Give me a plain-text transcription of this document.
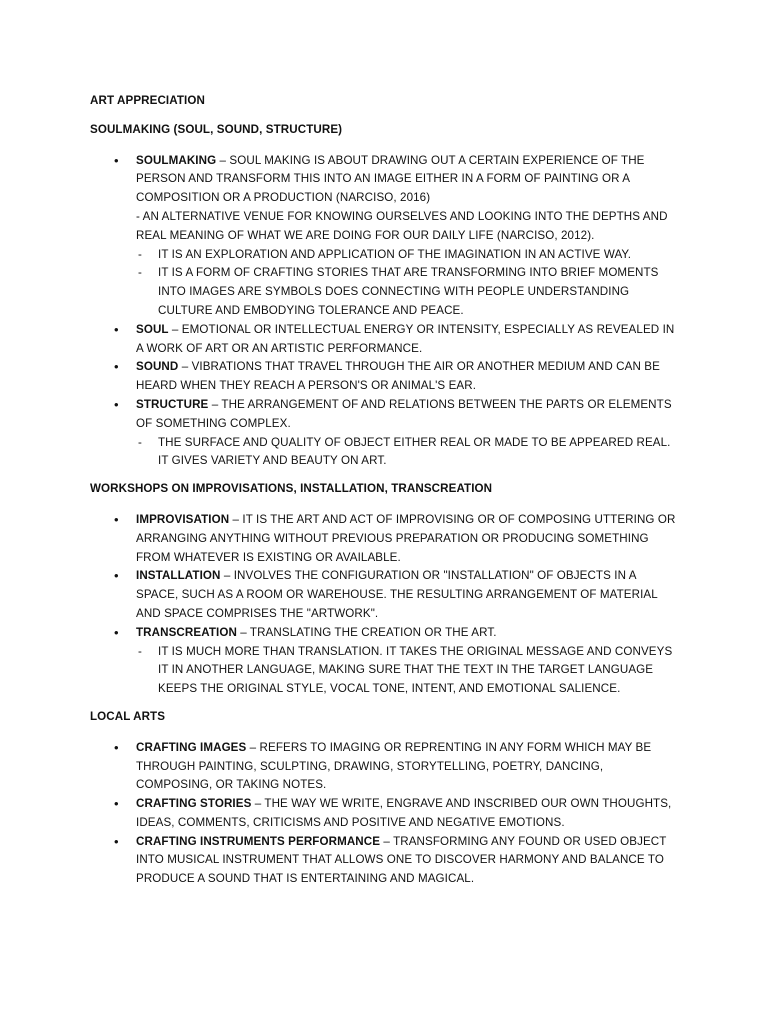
ART APPRECIATION

SOULMAKING (SOUL, SOUND, STRUCTURE)

• SOULMAKING – SOUL MAKING IS ABOUT DRAWING OUT A CERTAIN EXPERIENCE OF THE PERSON AND TRANSFORM THIS INTO AN IMAGE EITHER IN A FORM OF PAINTING OR A COMPOSITION OR A PRODUCTION (NARCISO, 2016)
- AN ALTERNATIVE VENUE FOR KNOWING OURSELVES AND LOOKING INTO THE DEPTHS AND REAL MEANING OF WHAT WE ARE DOING FOR OUR DAILY LIFE (NARCISO, 2012).
- IT IS AN EXPLORATION AND APPLICATION OF THE IMAGINATION IN AN ACTIVE WAY.
- IT IS A FORM OF CRAFTING STORIES THAT ARE TRANSFORMING INTO BRIEF MOMENTS INTO IMAGES ARE SYMBOLS DOES CONNECTING WITH PEOPLE UNDERSTANDING CULTURE AND EMBODYING TOLERANCE AND PEACE.
• SOUL – EMOTIONAL OR INTELLECTUAL ENERGY OR INTENSITY, ESPECIALLY AS REVEALED IN A WORK OF ART OR AN ARTISTIC PERFORMANCE.
• SOUND – VIBRATIONS THAT TRAVEL THROUGH THE AIR OR ANOTHER MEDIUM AND CAN BE HEARD WHEN THEY REACH A PERSON'S OR ANIMAL'S EAR.
• STRUCTURE – THE ARRANGEMENT OF AND RELATIONS BETWEEN THE PARTS OR ELEMENTS OF SOMETHING COMPLEX.
- THE SURFACE AND QUALITY OF OBJECT EITHER REAL OR MADE TO BE APPEARED REAL. IT GIVES VARIETY AND BEAUTY ON ART.

WORKSHOPS ON IMPROVISATIONS, INSTALLATION, TRANSCREATION

• IMPROVISATION – IT IS THE ART AND ACT OF IMPROVISING OR OF COMPOSING UTTERING OR ARRANGING ANYTHING WITHOUT PREVIOUS PREPARATION OR PRODUCING SOMETHING FROM WHATEVER IS EXISTING OR AVAILABLE.
• INSTALLATION – INVOLVES THE CONFIGURATION OR "INSTALLATION" OF OBJECTS IN A SPACE, SUCH AS A ROOM OR WAREHOUSE. THE RESULTING ARRANGEMENT OF MATERIAL AND SPACE COMPRISES THE "ARTWORK".
• TRANSCREATION – TRANSLATING THE CREATION OR THE ART.
- IT IS MUCH MORE THAN TRANSLATION. IT TAKES THE ORIGINAL MESSAGE AND CONVEYS IT IN ANOTHER LANGUAGE, MAKING SURE THAT THE TEXT IN THE TARGET LANGUAGE KEEPS THE ORIGINAL STYLE, VOCAL TONE, INTENT, AND EMOTIONAL SALIENCE.

LOCAL ARTS

• CRAFTING IMAGES – REFERS TO IMAGING OR REPRENTING IN ANY FORM WHICH MAY BE THROUGH PAINTING, SCULPTING, DRAWING, STORYTELLING, POETRY, DANCING, COMPOSING, OR TAKING NOTES.
• CRAFTING STORIES – THE WAY WE WRITE, ENGRAVE AND INSCRIBED OUR OWN THOUGHTS, IDEAS, COMMENTS, CRITICISMS AND POSITIVE AND NEGATIVE EMOTIONS.
• CRAFTING INSTRUMENTS PERFORMANCE – TRANSFORMING ANY FOUND OR USED OBJECT INTO MUSICAL INSTRUMENT THAT ALLOWS ONE TO DISCOVER HARMONY AND BALANCE TO PRODUCE A SOUND THAT IS ENTERTAINING AND MAGICAL.
